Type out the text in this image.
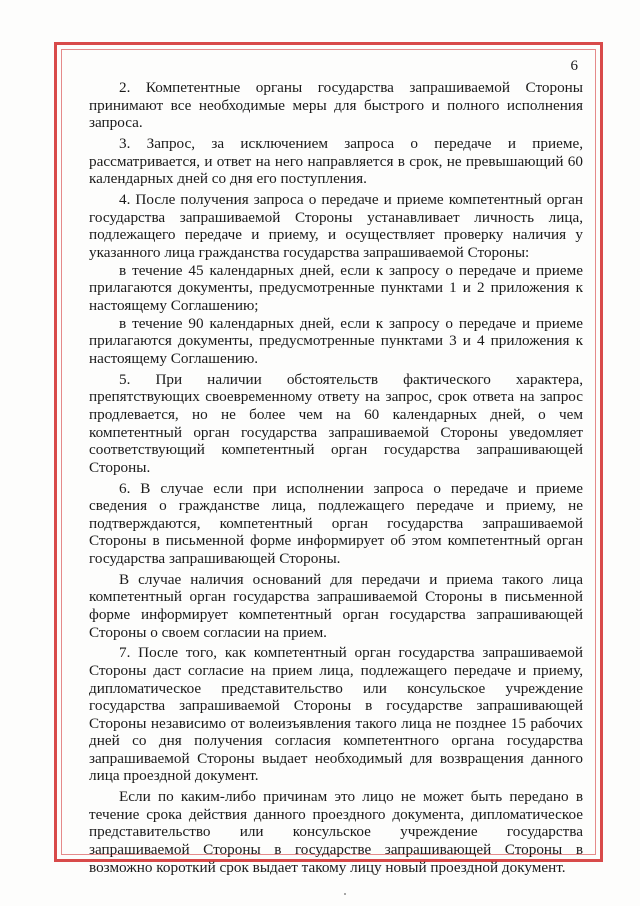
6

2. Компетентные органы государства запрашиваемой Стороны принимают все необходимые меры для быстрого и полного исполнения запроса.

3. Запрос, за исключением запроса о передаче и приеме, рассматривается, и ответ на него направляется в срок, не превышающий 60 календарных дней со дня его поступления.

4. После получения запроса о передаче и приеме компетентный орган государства запрашиваемой Стороны устанавливает личность лица, подлежащего передаче и приему, и осуществляет проверку наличия у указанного лица гражданства государства запрашиваемой Стороны:

в течение 45 календарных дней, если к запросу о передаче и приеме прилагаются документы, предусмотренные пунктами 1 и 2 приложения к настоящему Соглашению;

в течение 90 календарных дней, если к запросу о передаче и приеме прилагаются документы, предусмотренные пунктами 3 и 4 приложения к настоящему Соглашению.

5. При наличии обстоятельств фактического характера, препятствующих своевременному ответу на запрос, срок ответа на запрос продлевается, но не более чем на 60 календарных дней, о чем компетентный орган государства запрашиваемой Стороны уведомляет соответствующий компетентный орган государства запрашивающей Стороны.

6. В случае если при исполнении запроса о передаче и приеме сведения о гражданстве лица, подлежащего передаче и приему, не подтверждаются, компетентный орган государства запрашиваемой Стороны в письменной форме информирует об этом компетентный орган государства запрашивающей Стороны.

В случае наличия оснований для передачи и приема такого лица компетентный орган государства запрашиваемой Стороны в письменной форме информирует компетентный орган государства запрашивающей Стороны о своем согласии на прием.

7. После того, как компетентный орган государства запрашиваемой Стороны даст согласие на прием лица, подлежащего передаче и приему, дипломатическое представительство или консульское учреждение государства запрашиваемой Стороны в государстве запрашивающей Стороны независимо от волеизъявления такого лица не позднее 15 рабочих дней со дня получения согласия компетентного органа государства запрашиваемой Стороны выдает необходимый для возвращения данного лица проездной документ.

Если по каким-либо причинам это лицо не может быть передано в течение срока действия данного проездного документа, дипломатическое представительство или консульское учреждение государства запрашиваемой Стороны в государстве запрашивающей Стороны в возможно короткий срок выдает такому лицу новый проездной документ.
